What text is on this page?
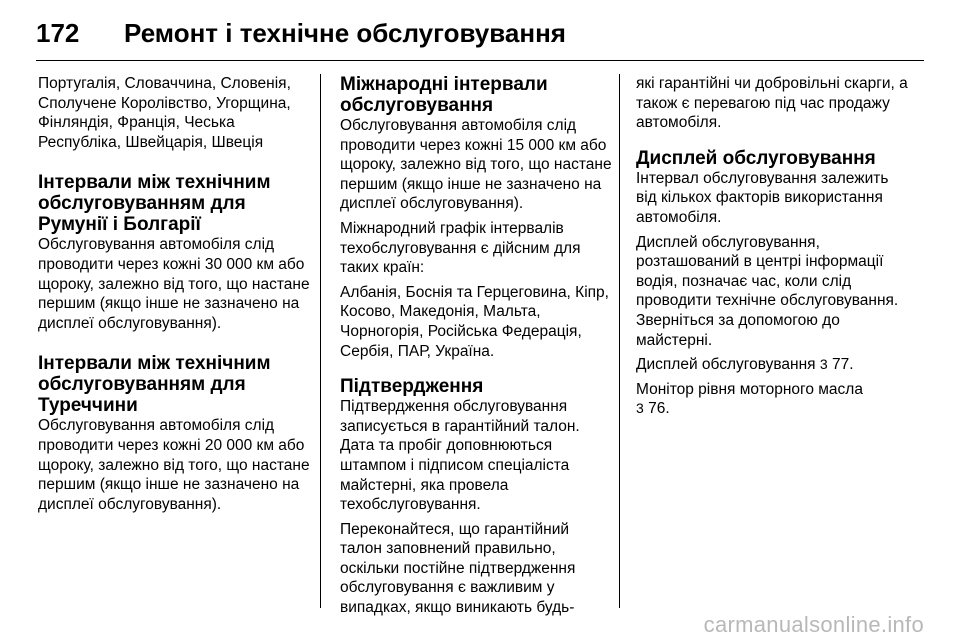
172	Ремонт і технічне обслуговування

Португалія, Словаччина, Словенія, Сполучене Королівство, Угорщина, Фінляндія, Франція, Чеська Республіка, Швейцарія, Швеція

Інтервали між технічним обслуговуванням для Румунії і Болгарії

Обслуговування автомобіля слід проводити через кожні 30 000 км або щороку, залежно від того, що настане першим (якщо інше не зазначено на дисплеї обслуговування).

Інтервали між технічним обслуговуванням для Туреччини

Обслуговування автомобіля слід проводити через кожні 20 000 км або щороку, залежно від того, що настане першим (якщо інше не зазначено на дисплеї обслуговування).

Міжнародні інтервали обслуговування

Обслуговування автомобіля слід проводити через кожні 15 000 км або щороку, залежно від того, що настане першим (якщо інше не зазначено на дисплеї обслуговування).

Міжнародний графік інтервалів техобслуговування є дійсним для таких країн:

Албанія, Боснія та Герцеговина, Кіпр, Косово, Македонія, Мальта, Чорногорія, Російська Федерація, Сербія, ПАР, Україна.

Підтвердження

Підтвердження обслуговування записується в гарантійний талон. Дата та пробіг доповнюються штампом і підписом спеціаліста майстерні, яка провела техобслуговування.

Переконайтеся, що гарантійний талон заповнений правильно, оскільки постійне підтвердження обслуговування є важливим у випадках, якщо виникають будь-

які гарантійні чи добровільні скарги, а також є перевагою під час продажу автомобіля.

Дисплей обслуговування

Інтервал обслуговування залежить від кількох факторів використання автомобіля.

Дисплей обслуговування, розташований в центрі інформації водія, позначає час, коли слід проводити технічне обслуговування. Зверніться за допомогою до майстерні.

Дисплей обслуговування 3 77.

Монітор рівня моторного масла
3 76.

carmanualsonline.info
